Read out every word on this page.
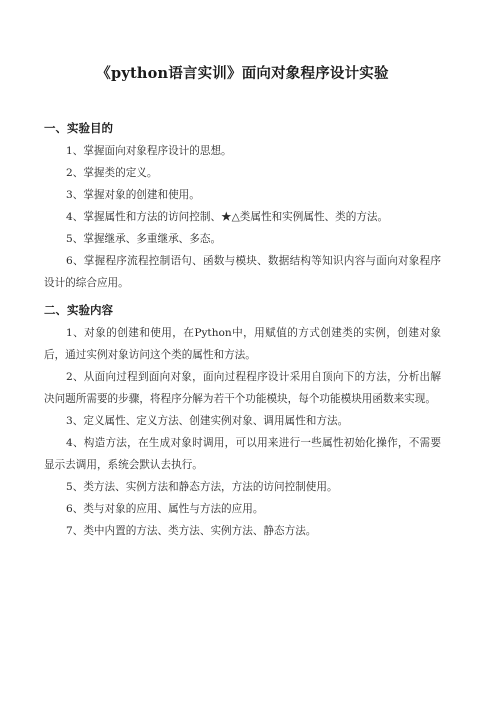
《python语言实训》面向对象程序设计实验
一、实验目的
1、掌握面向对象程序设计的思想。
2、掌握类的定义。
3、掌握对象的创建和使用。
4、掌握属性和方法的访问控制、★△类属性和实例属性、类的方法。
5、掌握继承、多重继承、多态。
6、掌握程序流程控制语句、函数与模块、数据结构等知识内容与面向对象程序设计的综合应用。
二、实验内容
1、对象的创建和使用，在Python中，用赋值的方式创建类的实例，创建对象后，通过实例对象访问这个类的属性和方法。
2、从面向过程到面向对象，面向过程程序设计采用自顶向下的方法，分析出解决问题所需要的步骤，将程序分解为若干个功能模块，每个功能模块用函数来实现。
3、定义属性、定义方法、创建实例对象、调用属性和方法。
4、构造方法，在生成对象时调用，可以用来进行一些属性初始化操作，不需要显示去调用，系统会默认去执行。
5、类方法、实例方法和静态方法，方法的访问控制使用。
6、类与对象的应用、属性与方法的应用。
7、类中内置的方法、类方法、实例方法、静态方法。
